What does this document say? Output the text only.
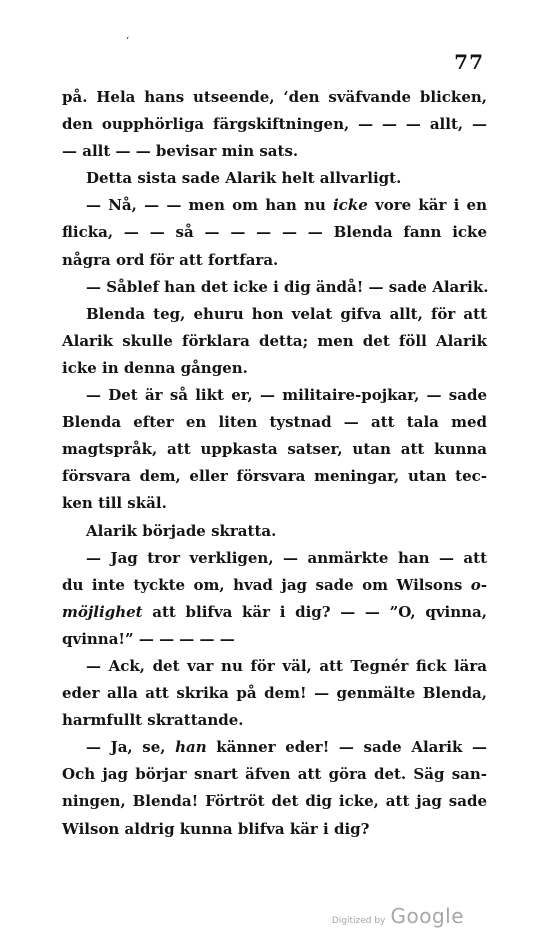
‘
77
på. Hela hans utseende, ‘den sväfvande blicken,
den oupphörliga färgskiftningen, — — — allt, —
— allt — — bevisar min sats.
Detta sista sade Alarik helt allvarligt.
— Nå, — — men om han nu icke vore kär i en
flicka, — — så — — — — — Blenda fann icke
några ord för att fortfara.
— Såblef han det icke i dig ändå! — sade Alarik.
Blenda teg, ehuru hon velat gifva allt, för att
Alarik skulle förklara detta; men det föll Alarik
icke in denna gången.
— Det är så likt er, — militaire-pojkar, — sade
Blenda efter en liten tystnad — att tala med
magtspråk, att uppkasta satser, utan att kunna
försvara dem, eller försvara meningar, utan tec-
ken till skäl.
Alarik började skratta.
— Jag tror verkligen, — anmärkte han — att
du inte tyckte om, hvad jag sade om Wilsons o-
möjlighet att blifva kär i dig? — — ”O, qvinna,
qvinna!” — — — — —
— Ack, det var nu för väl, att Tegnér fick lära
eder alla att skrika på dem! — genmälte Blenda,
harmfullt skrattande.
— Ja, se, han känner eder! — sade Alarik —
Och jag börjar snart äfven att göra det. Säg san-
ningen, Blenda! Förtröt det dig icke, att jag sade
Wilson aldrig kunna blifva kär i dig?
Digitized by Google
